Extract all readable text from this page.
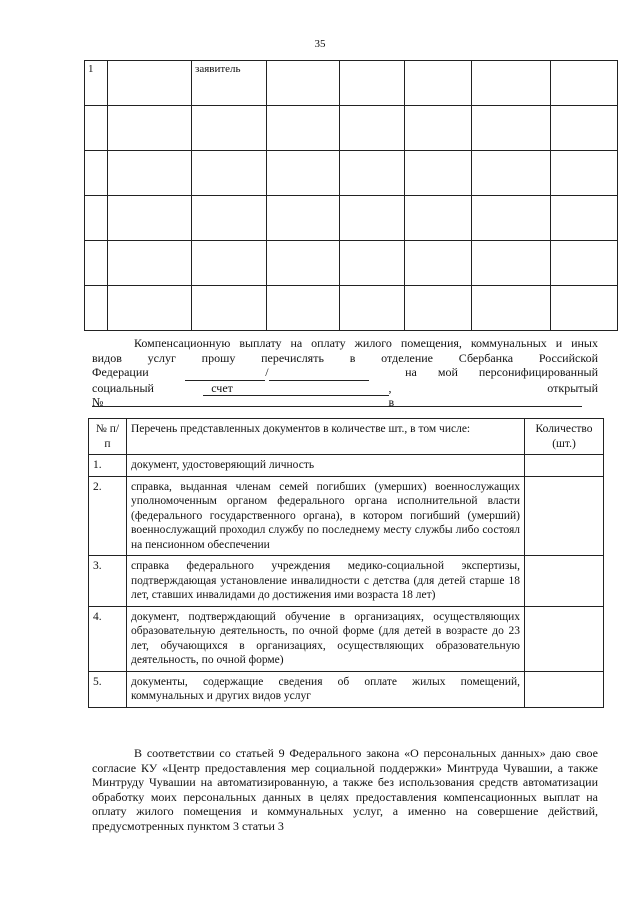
35
1		заявитель					

Компенсационную выплату на оплату жилого помещения, коммунальных и иных
видов услуг прошу перечислять в отделение Сбербанка Российской
Федерации	/	на мой персонифицированный
социальный счет №

, открытый в
№ п/п	Перечень представленных документов в количестве шт., в том числе:	Количество (шт.)
1.	документ, удостоверяющий личность	
2.	справка, выданная членам семей погибших (умерших) военнослужащих уполномоченным органом федерального органа исполнительной власти (федерального государственного органа), в котором погибший (умерший) военнослужащий проходил службу по последнему месту службы либо состоял на пенсионном обеспечении	
3.	справка федерального учреждения медико-социальной экспертизы, подтверждающая установление инвалидности с детства (для детей старше 18 лет, ставших инвалидами до достижения ими возраста 18 лет)	
4.	документ, подтверждающий обучение в организациях, осуществляющих образовательную деятельность, по очной форме (для детей в возрасте до 23 лет, обучающихся в организациях, осуществляющих образовательную деятельность, по очной форме)	
5.	документы, содержащие сведения об оплате жилых помещений, коммунальных и других видов услуг	
В соответствии со статьей 9 Федерального закона «О персональных данных» даю свое согласие КУ «Центр предоставления мер социальной поддержки» Минтруда Чувашии, а также Минтруду Чувашии на автоматизированную, а также без использования средств автоматизации обработку моих персональных данных в целях предоставления компенсационных выплат на оплату жилого помещения и коммунальных услуг, а именно на совершение действий, предусмотренных пунктом 3 статьи 3
